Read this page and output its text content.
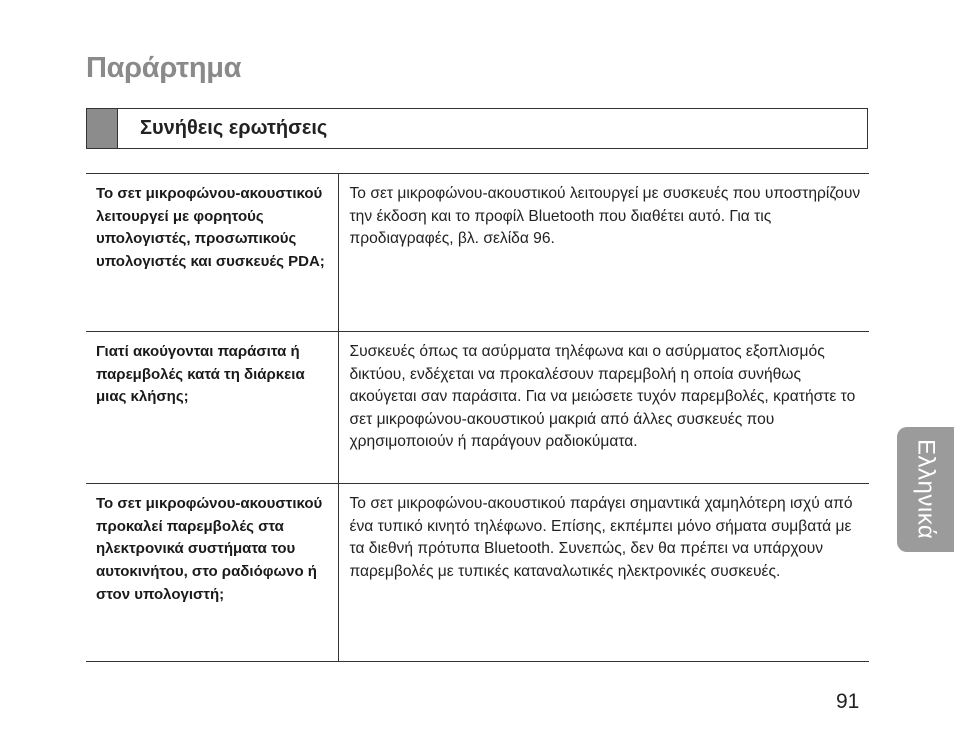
Παράρτημα
Συνήθεις ερωτήσεις
Το σετ μικροφώνου-ακουστικού λειτουργεί με φορητούς υπολογιστές, προσωπικούς υπολογιστές και συσκευές PDA;	Το σετ μικροφώνου-ακουστικού λειτουργεί με συσκευές που υποστηρίζουν την έκδοση και το προφίλ Bluetooth που διαθέτει αυτό. Για τις προδιαγραφές, βλ. σελίδα 96.
Γιατί ακούγονται παράσιτα ή παρεμβολές κατά τη διάρκεια μιας κλήσης;	Συσκευές όπως τα ασύρματα τηλέφωνα και ο ασύρματος εξοπλισμός δικτύου, ενδέχεται να προκαλέσουν παρεμβολή η οποία συνήθως ακούγεται σαν παράσιτα. Για να μειώσετε τυχόν παρεμβολές, κρατήστε το σετ μικροφώνου-ακουστικού μακριά από άλλες συσκευές που χρησιμοποιούν ή παράγουν ραδιοκύματα.
Το σετ μικροφώνου-ακουστικού προκαλεί παρεμβολές στα ηλεκτρονικά συστήματα του αυτοκινήτου, στο ραδιόφωνο ή στον υπολογιστή;	Το σετ μικροφώνου-ακουστικού παράγει σημαντικά χαμηλότερη ισχύ από ένα τυπικό κινητό τηλέφωνο. Επίσης, εκπέμπει μόνο σήματα συμβατά με τα διεθνή πρότυπα Bluetooth. Συνεπώς, δεν θα πρέπει να υπάρχουν παρεμβολές με τυπικές καταναλωτικές ηλεκτρονικές συσκευές.
Ελληνικά
91
